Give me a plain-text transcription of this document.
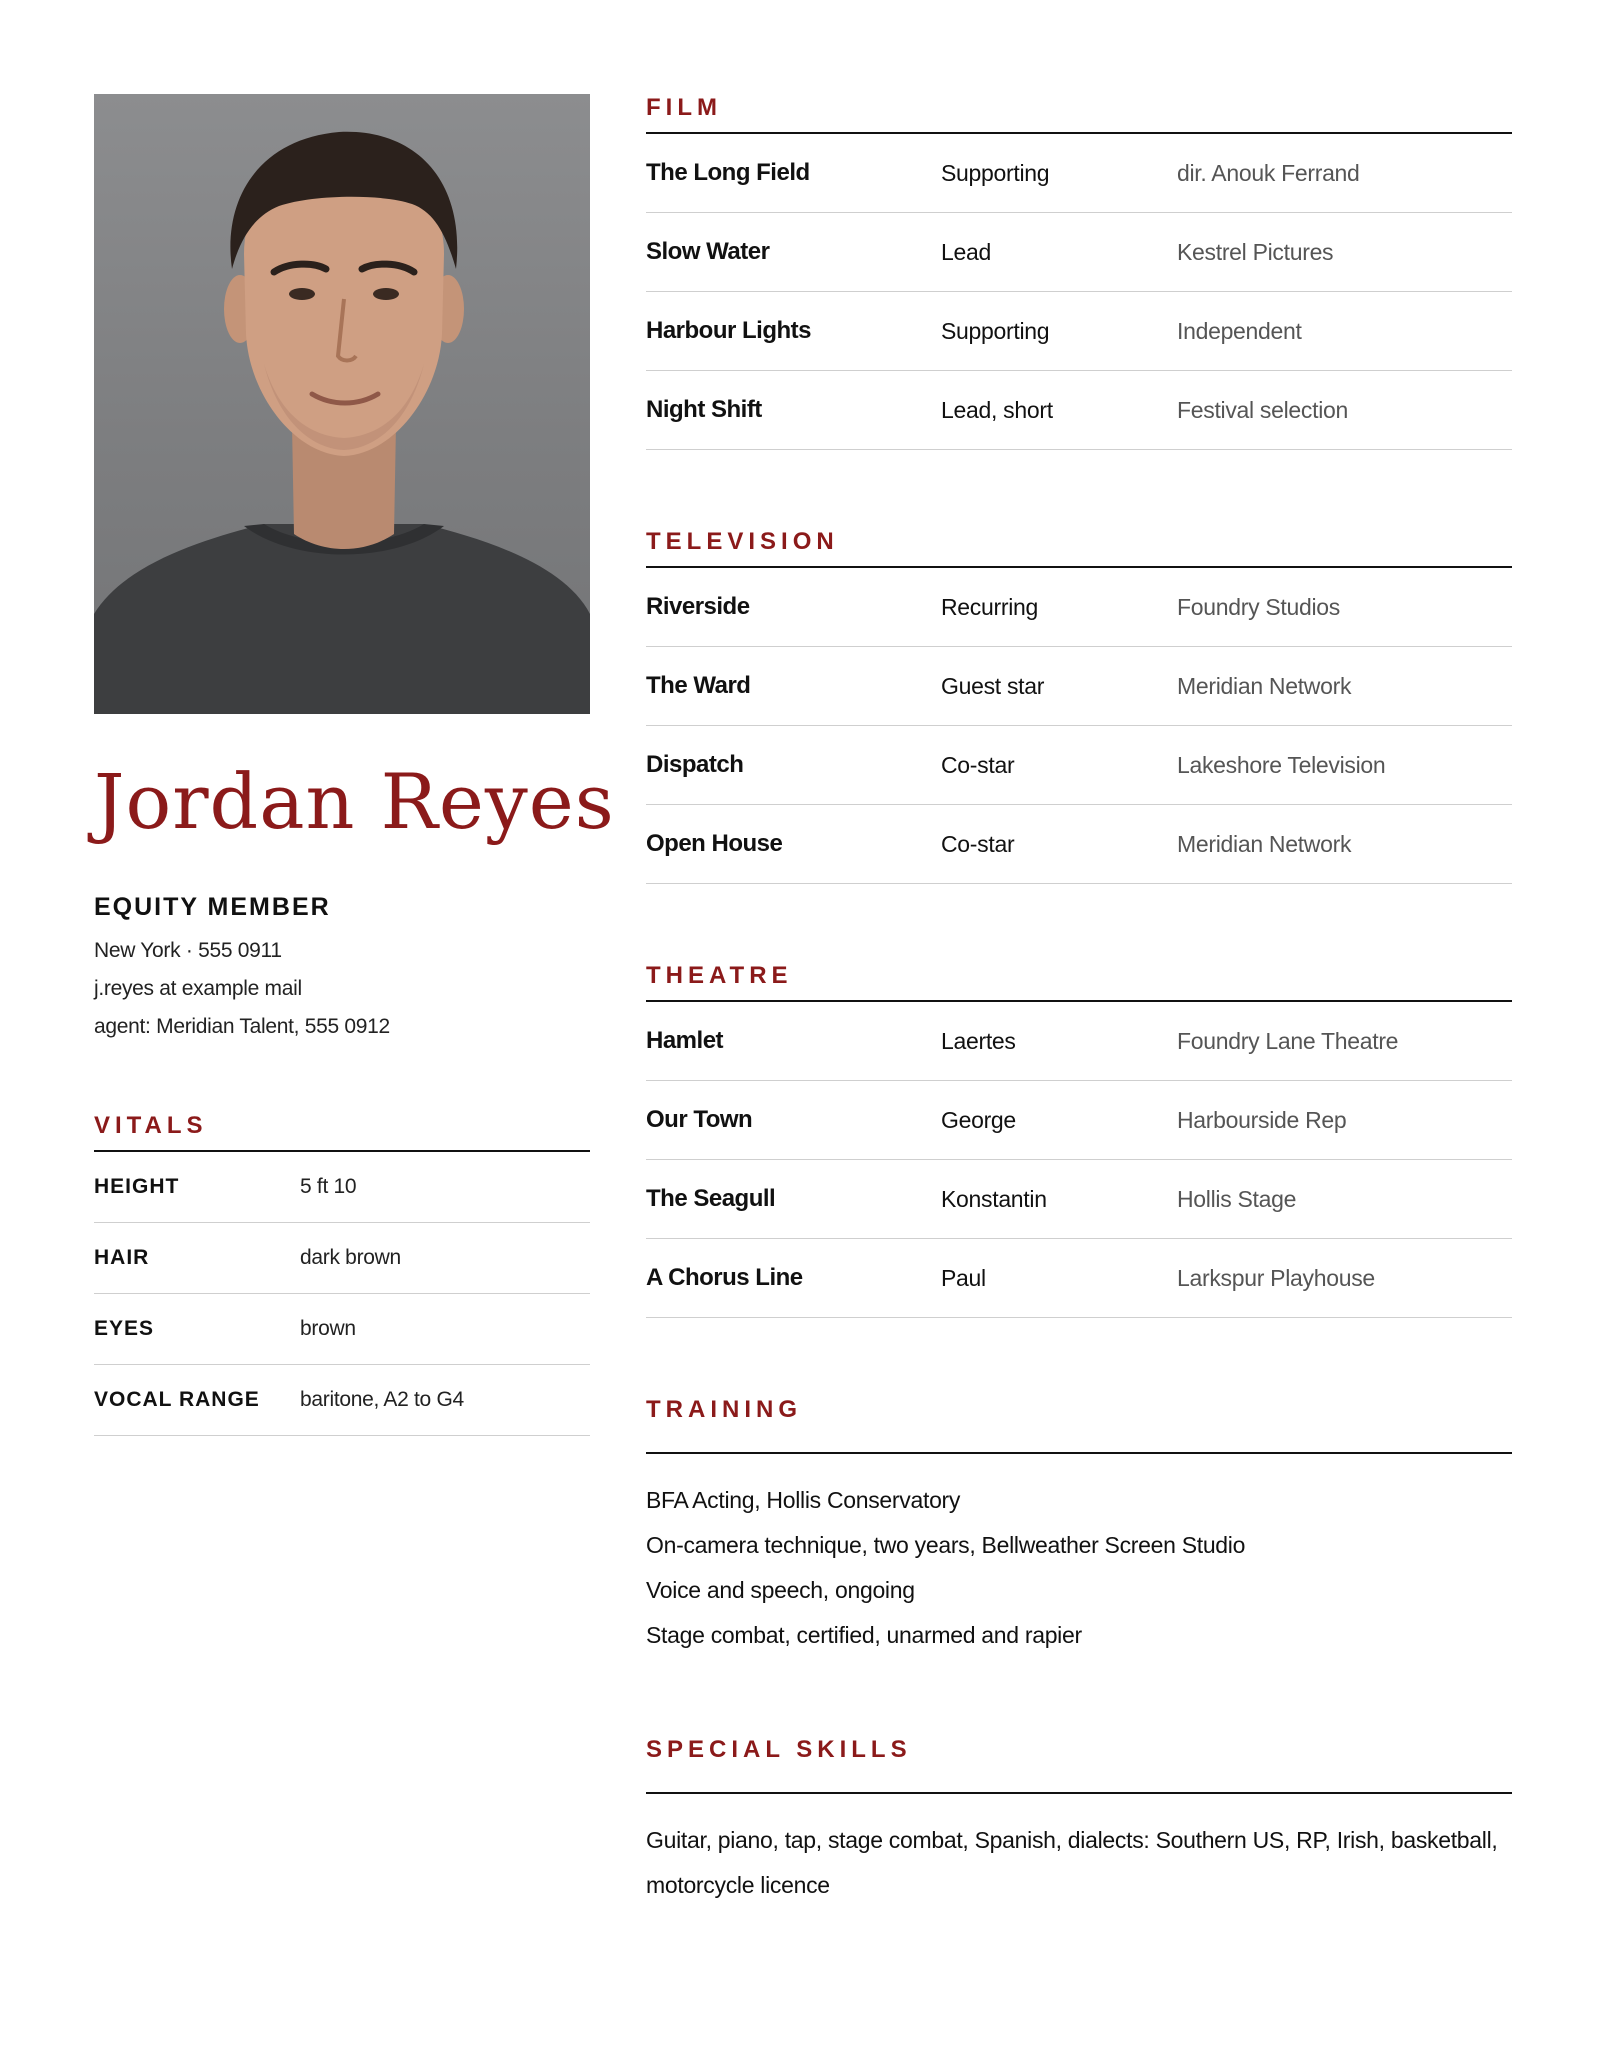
Jordan Reyes
EQUITY MEMBER
New York · 555 0911
j.reyes at example mail
agent: Meridian Talent, 555 0912
VITALS
HEIGHT	5 ft 10
HAIR	dark brown
EYES	brown
VOCAL RANGE	baritone, A2 to G4
FILM
The Long Field	Supporting	dir. Anouk Ferrand
Slow Water	Lead	Kestrel Pictures
Harbour Lights	Supporting	Independent
Night Shift	Lead, short	Festival selection
TELEVISION
Riverside	Recurring	Foundry Studios
The Ward	Guest star	Meridian Network
Dispatch	Co-star	Lakeshore Television
Open House	Co-star	Meridian Network
THEATRE
Hamlet	Laertes	Foundry Lane Theatre
Our Town	George	Harbourside Rep
The Seagull	Konstantin	Hollis Stage
A Chorus Line	Paul	Larkspur Playhouse
TRAINING
BFA Acting, Hollis Conservatory
On-camera technique, two years, Bellweather Screen Studio
Voice and speech, ongoing
Stage combat, certified, unarmed and rapier
SPECIAL SKILLS
Guitar, piano, tap, stage combat, Spanish, dialects: Southern US, RP, Irish, basketball, motorcycle licence
